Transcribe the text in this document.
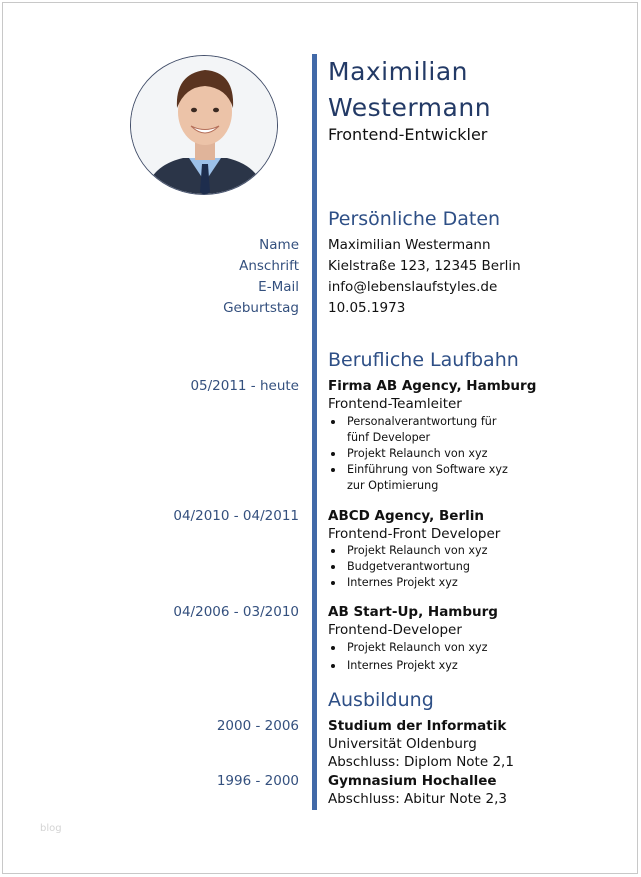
Maximilian
Westermann
Frontend-Entwickler
Persönliche Daten
Name Maximilian Westermann
Anschrift Kielstraße 123, 12345 Berlin
E-Mail info@lebenslaufstyles.de
Geburtstag 10.05.1973
Berufliche Laufbahn
05/2011 - heute Firma AB Agency, Hamburg
Frontend-Teamleiter
Personalverantwortung für fünf Developer
Projekt Relaunch von xyz
Einführung von Software xyz zur Optimierung
04/2010 - 04/2011 ABCD Agency, Berlin
Frontend-Front Developer
Projekt Relaunch von xyz
Budgetverantwortung
Internes Projekt xyz
04/2006 - 03/2010 AB Start-Up, Hamburg
Frontend-Developer
Projekt Relaunch von xyz
Internes Projekt xyz
Ausbildung
2000 - 2006 Studium der Informatik
Universität Oldenburg
Abschluss: Diplom Note 2,1
1996 - 2000 Gymnasium Hochallee
Abschluss: Abitur Note 2,3
blog
